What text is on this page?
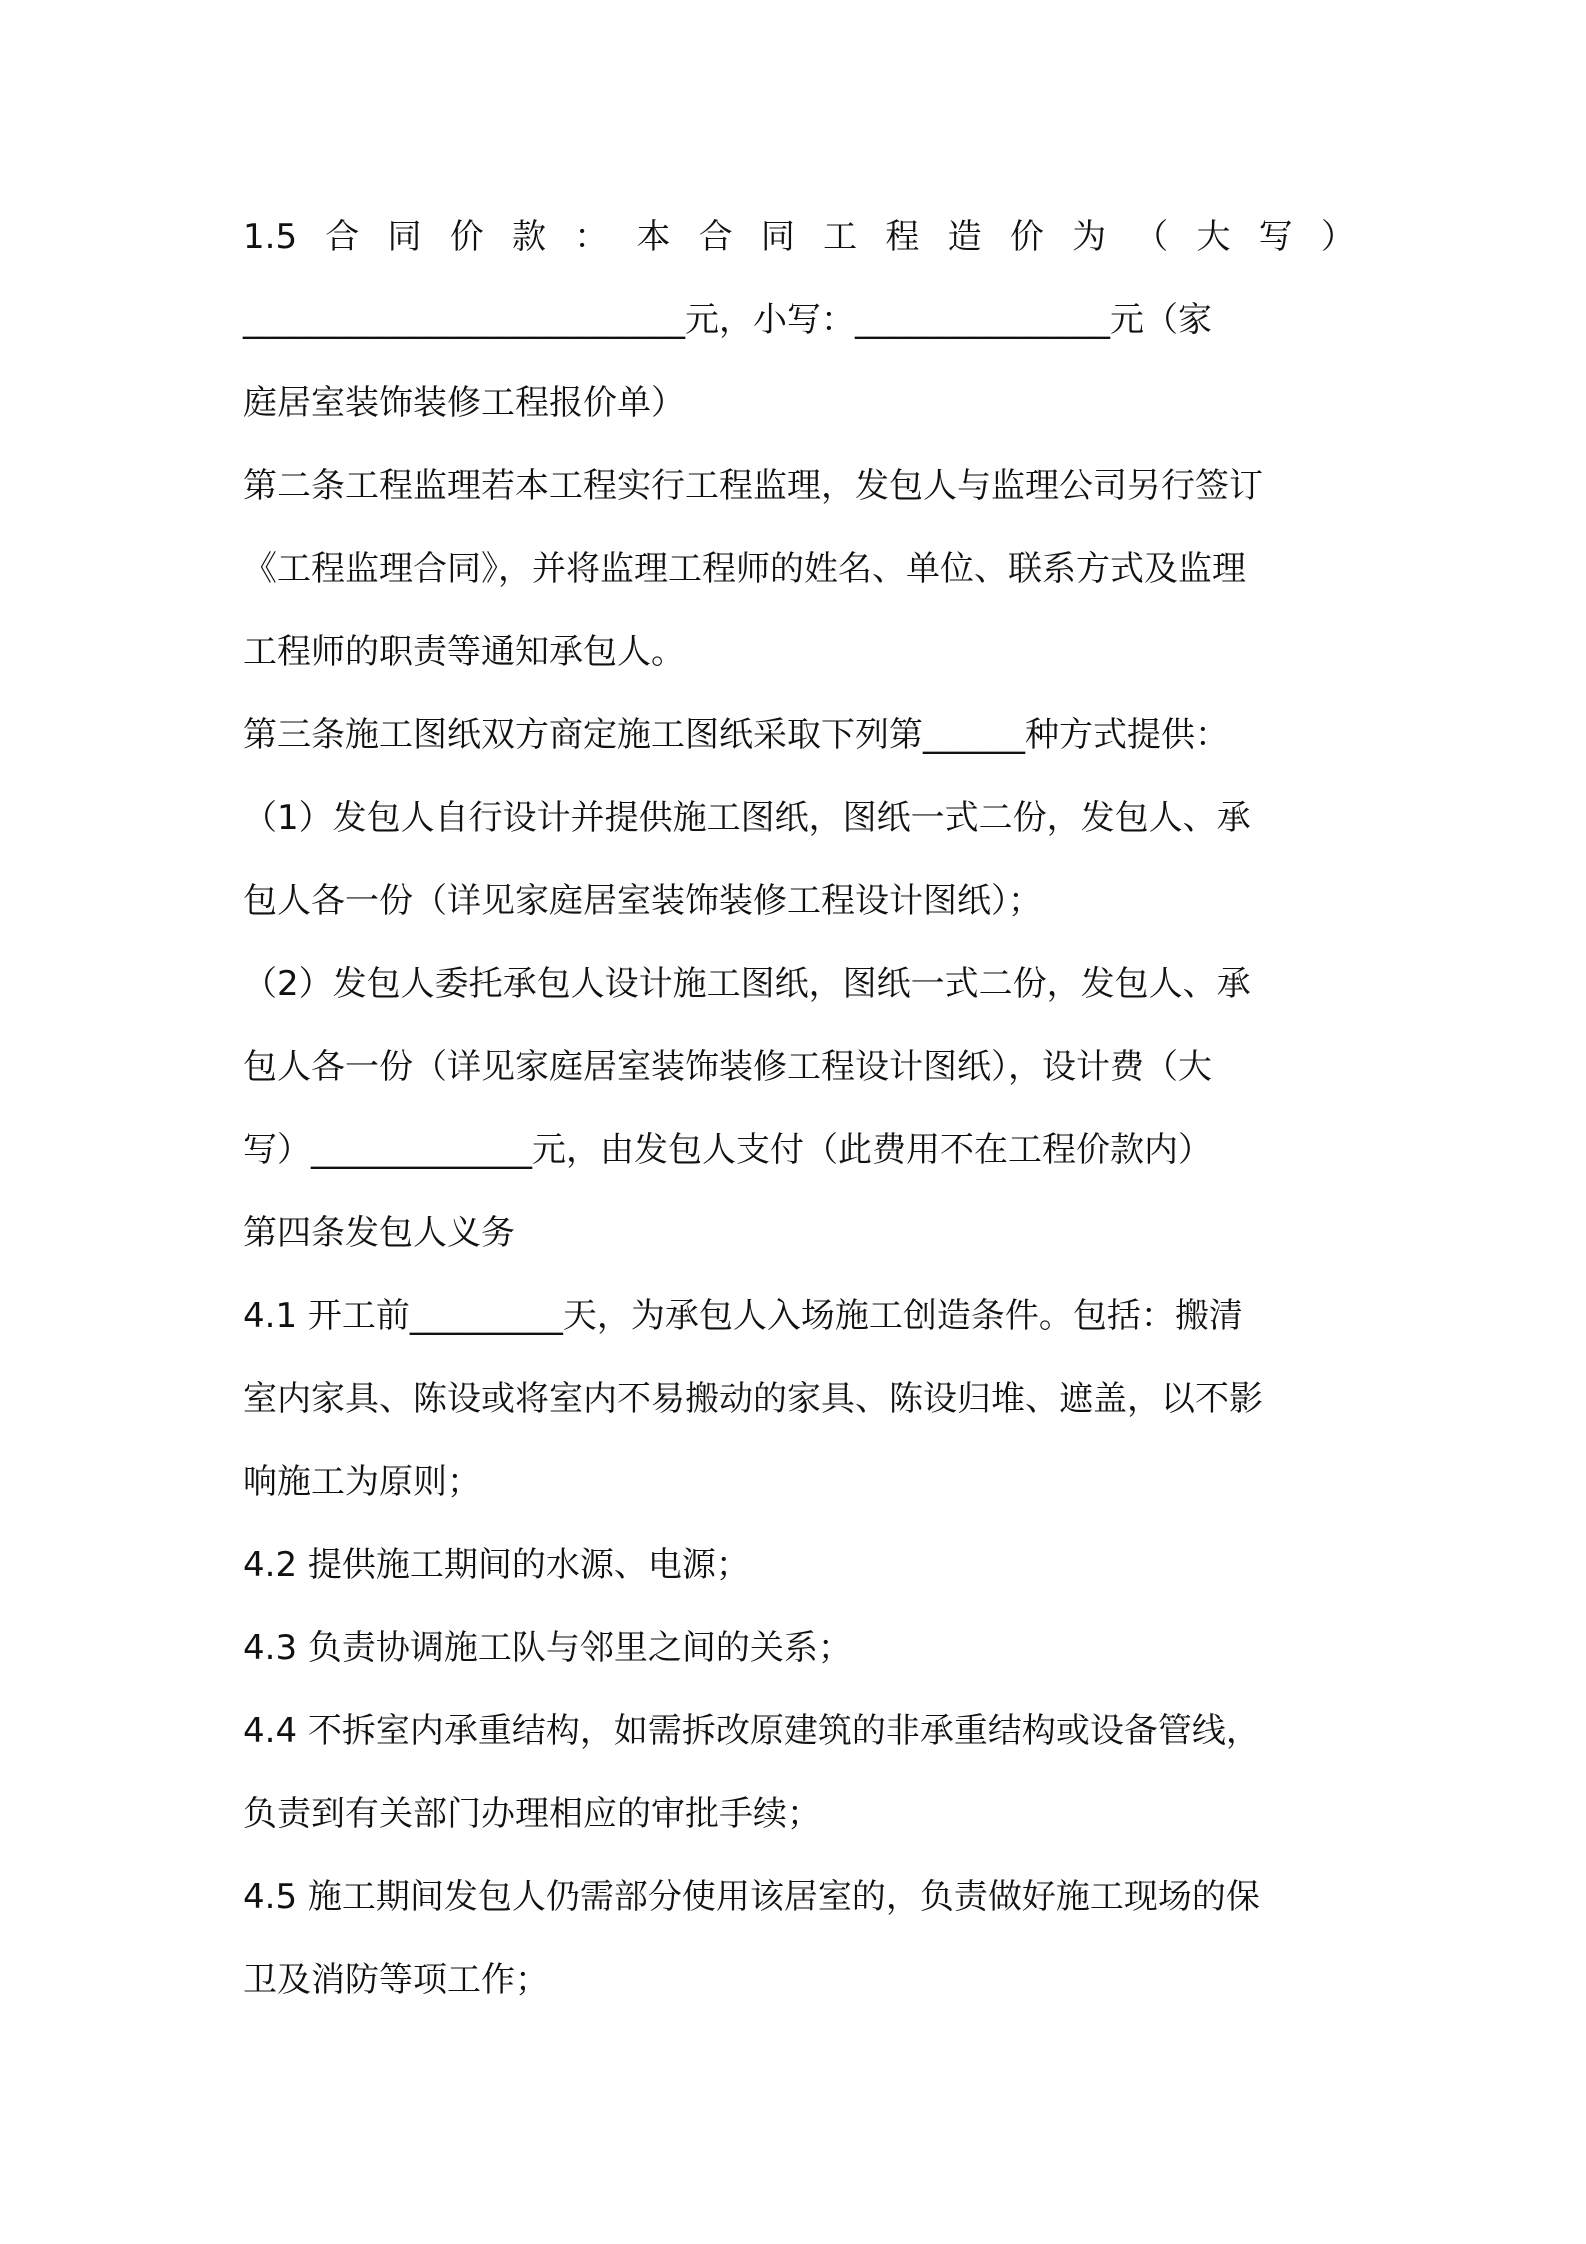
1.5合同价款：本合同工程造价为（大写）
__________________________元，小写：_______________元（家
庭居室装饰装修工程报价单）
第二条工程监理若本工程实行工程监理，发包人与监理公司另行签订
《工程监理合同》，并将监理工程师的姓名、单位、联系方式及监理
工程师的职责等通知承包人。
第三条施工图纸双方商定施工图纸采取下列第______种方式提供：
（1）发包人自行设计并提供施工图纸，图纸一式二份，发包人、承
包人各一份（详见家庭居室装饰装修工程设计图纸）；
（2）发包人委托承包人设计施工图纸，图纸一式二份，发包人、承
包人各一份（详见家庭居室装饰装修工程设计图纸），设计费（大
写）_____________元，由发包人支付（此费用不在工程价款内）
第四条发包人义务
4.1 开工前_________天，为承包人入场施工创造条件。包括：搬清
室内家具、陈设或将室内不易搬动的家具、陈设归堆、遮盖，以不影
响施工为原则；
4.2 提供施工期间的水源、电源；
4.3 负责协调施工队与邻里之间的关系；
4.4 不拆室内承重结构，如需拆改原建筑的非承重结构或设备管线，
负责到有关部门办理相应的审批手续；
4.5 施工期间发包人仍需部分使用该居室的，负责做好施工现场的保
卫及消防等项工作；
